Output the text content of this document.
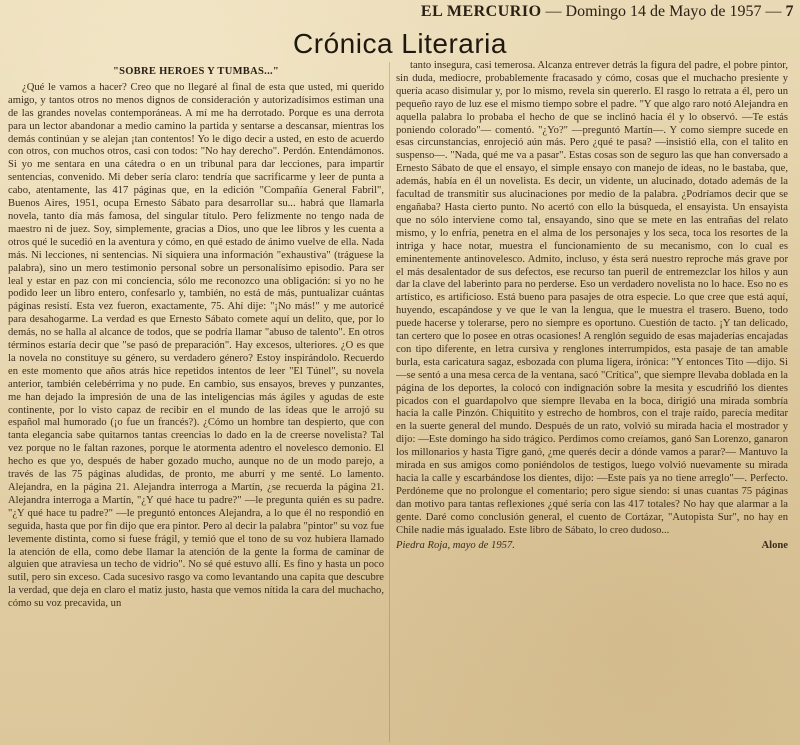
EL MERCURIO — Domingo 14 de Mayo de 1957 — 7
Crónica Literaria
"SOBRE HEROES Y TUMBAS..."

¿Qué le vamos a hacer? Creo que no llegaré al final de esta que usted, mi querido amigo, y tantos otros no menos dignos de consideración y autorizadísimos estiman una de las grandes novelas contemporáneas. A mí me ha derrotado. Porque es una derrota para un lector abandonar a medio camino la partida y sentarse a descansar, mientras los demás continúan y se alejan ¡tan contentos! Yo le digo decir a usted, en esto de acuerdo con otros, con muchos otros, casi con todos: "No hay derecho". Perdón. Entendámonos. Si yo me sentara en una cátedra o en un tribunal para dar lecciones, para impartir sentencias, convenido. Mi deber sería claro: tendría que sacrificarme y leer de punta a cabo, atentamente, las 417 páginas que, en la edición "Compañía General Fabril", Buenos Aires, 1951, ocupa Ernesto Sábato para desarrollar su... habrá que llamarla novela, tanto día más famosa, del singular título. Pero felizmente no tengo nada de maestro ni de juez. Soy, simplemente, gracias a Dios, uno que lee libros y les cuenta a otros qué le sucedió en la aventura y cómo, en qué estado de ánimo vuelve de ella. Nada más. Ni lecciones, ni sentencias. Ni siquiera una información "exhaustiva" (tráguese la palabra), sino un mero testimonio personal sobre un personalísimo episodio. Para ser leal y estar en paz con mi conciencia, sólo me reconozco una obligación: si yo no he podido leer un libro entero, confesarlo y, también, no está de más, puntualizar cuántas páginas resistí. Esta vez fueron, exactamente, 75. Ahí dije: "¡No más!" y me autoricé para desahogarme. La verdad es que Ernesto Sábato comete aquí un delito, que, por lo demás, no se halla al alcance de todos, que se podría llamar "abuso de talento". En otros términos estaría decir que "se pasó de preparación". Hay excesos, ulteriores. ¿O es que la novela no constituye su género, su verdadero género? Estoy inspirándolo. Recuerdo en este momento que años atrás hice repetidos intentos de leer "El Túnel", su novela anterior, también celebérrima y no pude. En cambio, sus ensayos, breves y punzantes, me han dejado la impresión de una de las inteligencias más ágiles y agudas de este continente, por lo visto capaz de recibir en el mundo de las ideas que le arrojó su español mal humorado (¡o fue un francés?). ¿Cómo un hombre tan despierto, que con tanta elegancia sabe quitarnos tantas creencias lo dado en la de creerse novelista? Tal vez porque no le faltan razones, porque le atormenta adentro el novelesco demonio. El hecho es que yo, después de haber gozado mucho, aunque no de un modo parejo, a través de las 75 páginas aludidas, de pronto, me aburrí y me senté. Lo lamento. Alejandra, en la página 21. Alejandra interroga a Martín, ¿se recuerda la página 21. Alejandra interroga a Martín, "¿Y qué hace tu padre?" —le pregunta quién es su padre. "¿Y qué hace tu padre?" —le preguntó entonces Alejandra, a lo que él no respondió en seguida, hasta que por fin dijo que era pintor. Pero al decir la palabra "pintor" su voz fue levemente distinta, como si fuese frágil, y temió que el tono de su voz hubiera llamado la atención de ella, como debe llamar la atención de la gente la forma de caminar de alguien que atraviesa un techo de vidrio". No sé qué estuvo allí. Es fino y hasta un poco sutil, pero sin exceso. Cada sucesivo rasgo va como levantando una capita que descubre la verdad, que deja en claro el matiz justo, hasta que vemos nítida la cara del muchacho, cómo su voz precavida, un

tanto insegura, casi temerosa. Alcanza entrever detrás la figura del padre, el pobre pintor, sin duda, mediocre, probablemente fracasado y cómo, cosas que el muchacho presiente y quería acaso disimular y, por lo mismo, revela sin quererlo. El rasgo lo retrata a él, pero un pequeño rayo de luz ese el mismo tiempo sobre el padre. "Y que algo raro notó Alejandra en aquella palabra lo probaba el hecho de que se inclinó hacia él y lo observó. —Te estás poniendo colorado"— comentó. "¿Yo?" —preguntó Martín—. Y como siempre sucede en esas circunstancias, enrojeció aún más. Pero ¿qué te pasa? —insistió ella, con el talito en suspenso—. "Nada, qué me va a pasar". Estas cosas son de seguro las que han conversado a Ernesto Sábato de que el ensayo, el simple ensayo con manejo de ideas, no le bastaba, que, además, había en él un novelista. Es decir, un vidente, un alucinado, dotado además de la facultad de transmitir sus alucinaciones por medio de la palabra. ¿Podríamos decir que se engañaba? Hasta cierto punto. No acertó con ello la búsqueda, el ensayista. Un ensayista que no sólo interviene como tal, ensayando, sino que se mete en las entrañas del relato mismo, y lo enfría, penetra en el alma de los personajes y los seca, toca los resortes de la intriga y hace notar, muestra el funcionamiento de su mecanismo, con lo cual es eminentemente antinovelesco. Admito, incluso, y ésta será nuestro reproche más grave por el más desalentador de sus defectos, ese recurso tan pueril de entremezclar los hilos y aun dar la clave del laberinto para no perderse. Eso un verdadero novelista no lo hace. Eso no es artístico, es artificioso. Está bueno para pasajes de otra especie. Lo que cree que está aquí, huyendo, escapándose y ve que le van la lengua, que le muestra el trasero. Bueno, todo puede hacerse y tolerarse, pero no siempre es oportuno. Cuestión de tacto. ¡Y tan delicado, tan certero que lo posee en otras ocasiones! A renglón seguido de esas majaderías encajadas con tipo diferente, en letra cursiva y renglones interrumpidos, esta pasaje de tan amable burla, esta caricatura sagaz, esbozada con pluma ligera, irónica: "Y entonces Tito —dijo. Si —se sentó a una mesa cerca de la ventana, sacó "Crítica", que siempre llevaba doblada en la página de los deportes, la colocó con indignación sobre la mesita y escudriñó los dientes picados con el guardapolvo que siempre llevaba en la boca, dirigió una mirada sombría hacia la calle Pinzón. Chiquitito y estrecho de hombros, con el traje raído, parecía meditar en la suerte general del mundo. Después de un rato, volvió su mirada hacia el mostrador y dijo: —Este domingo ha sido trágico. Perdimos como creíamos, ganó San Lorenzo, ganaron los millonarios y hasta Tigre ganó, ¿me querés decir a dónde vamos a parar?— Mantuvo la mirada en sus amigos como poniéndolos de testigos, luego volvió nuevamente su mirada hacia la calle y escarbándose los dientes, dijo: —Este país ya no tiene arreglo"—. Perfecto. Perdóneme que no prolongue el comentario; pero sigue siendo: si unas cuantas 75 páginas dan motivo para tantas reflexiones ¿qué sería con las 417 totales? No hay que alarmar a la gente. Daré como conclusión general, el cuento de Cortázar, "Autopista Sur", no hay en Chile nadie más igualado. Este libro de Sábato, lo creo dudoso...

Piedra Roja, mayo de 1957.	Alone
